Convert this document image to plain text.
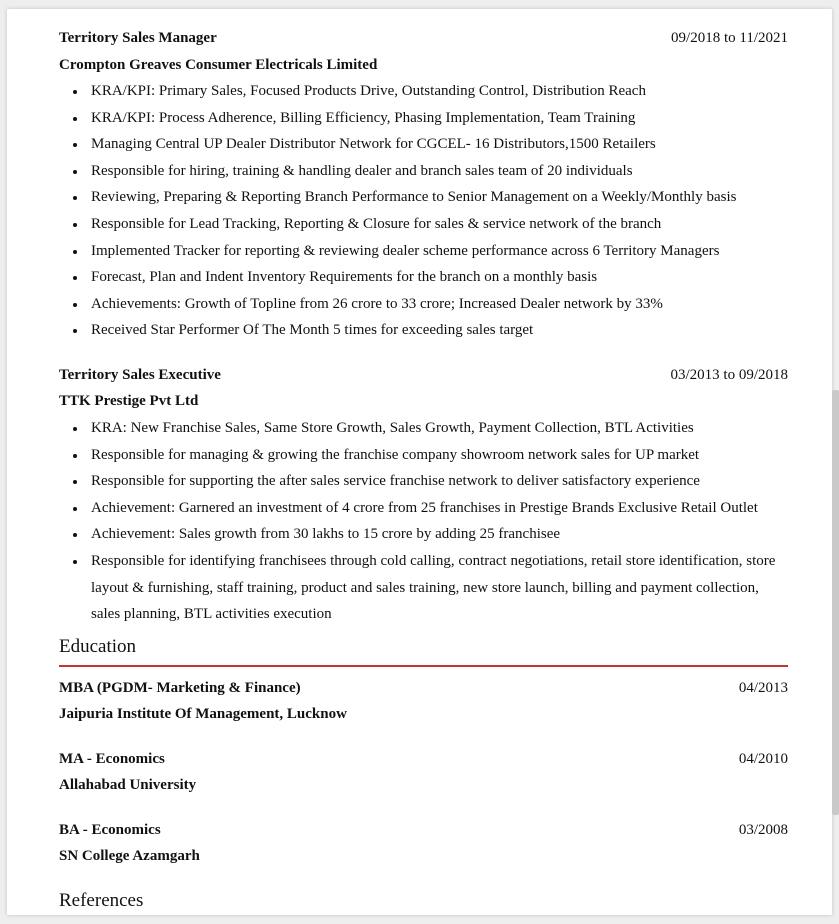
Territory Sales Manager	09/2018 to 11/2021
Crompton Greaves Consumer Electricals Limited
KRA/KPI: Primary Sales, Focused Products Drive, Outstanding Control, Distribution Reach
KRA/KPI: Process Adherence, Billing Efficiency, Phasing Implementation, Team Training
Managing Central UP Dealer Distributor Network for CGCEL- 16 Distributors,1500 Retailers
Responsible for hiring, training & handling dealer and branch sales team of 20 individuals
Reviewing, Preparing & Reporting Branch Performance to Senior Management on a Weekly/Monthly basis
Responsible for Lead Tracking, Reporting & Closure for sales & service network of the branch
Implemented Tracker for reporting & reviewing dealer scheme performance across 6 Territory Managers
Forecast, Plan and Indent Inventory Requirements for the branch on a monthly basis
Achievements: Growth of Topline from 26 crore to 33 crore; Increased Dealer network by 33%
Received Star Performer Of The Month 5 times for exceeding sales target
Territory Sales Executive	03/2013 to 09/2018
TTK Prestige Pvt Ltd
KRA: New Franchise Sales, Same Store Growth, Sales Growth, Payment Collection, BTL Activities
Responsible for managing & growing the franchise company showroom network sales for UP market
Responsible for supporting the after sales service franchise network to deliver satisfactory experience
Achievement: Garnered an investment of 4 crore from 25 franchises in Prestige Brands Exclusive Retail Outlet
Achievement: Sales growth from 30 lakhs to 15 crore by adding 25 franchisee
Responsible for identifying franchisees through cold calling, contract negotiations, retail store identification, store layout & furnishing, staff training, product and sales training, new store launch, billing and payment collection, sales planning, BTL activities execution
Education
MBA (PGDM- Marketing & Finance)	04/2013
Jaipuria Institute Of Management, Lucknow
MA - Economics	04/2010
Allahabad University
BA - Economics	03/2008
SN College Azamgarh
References
